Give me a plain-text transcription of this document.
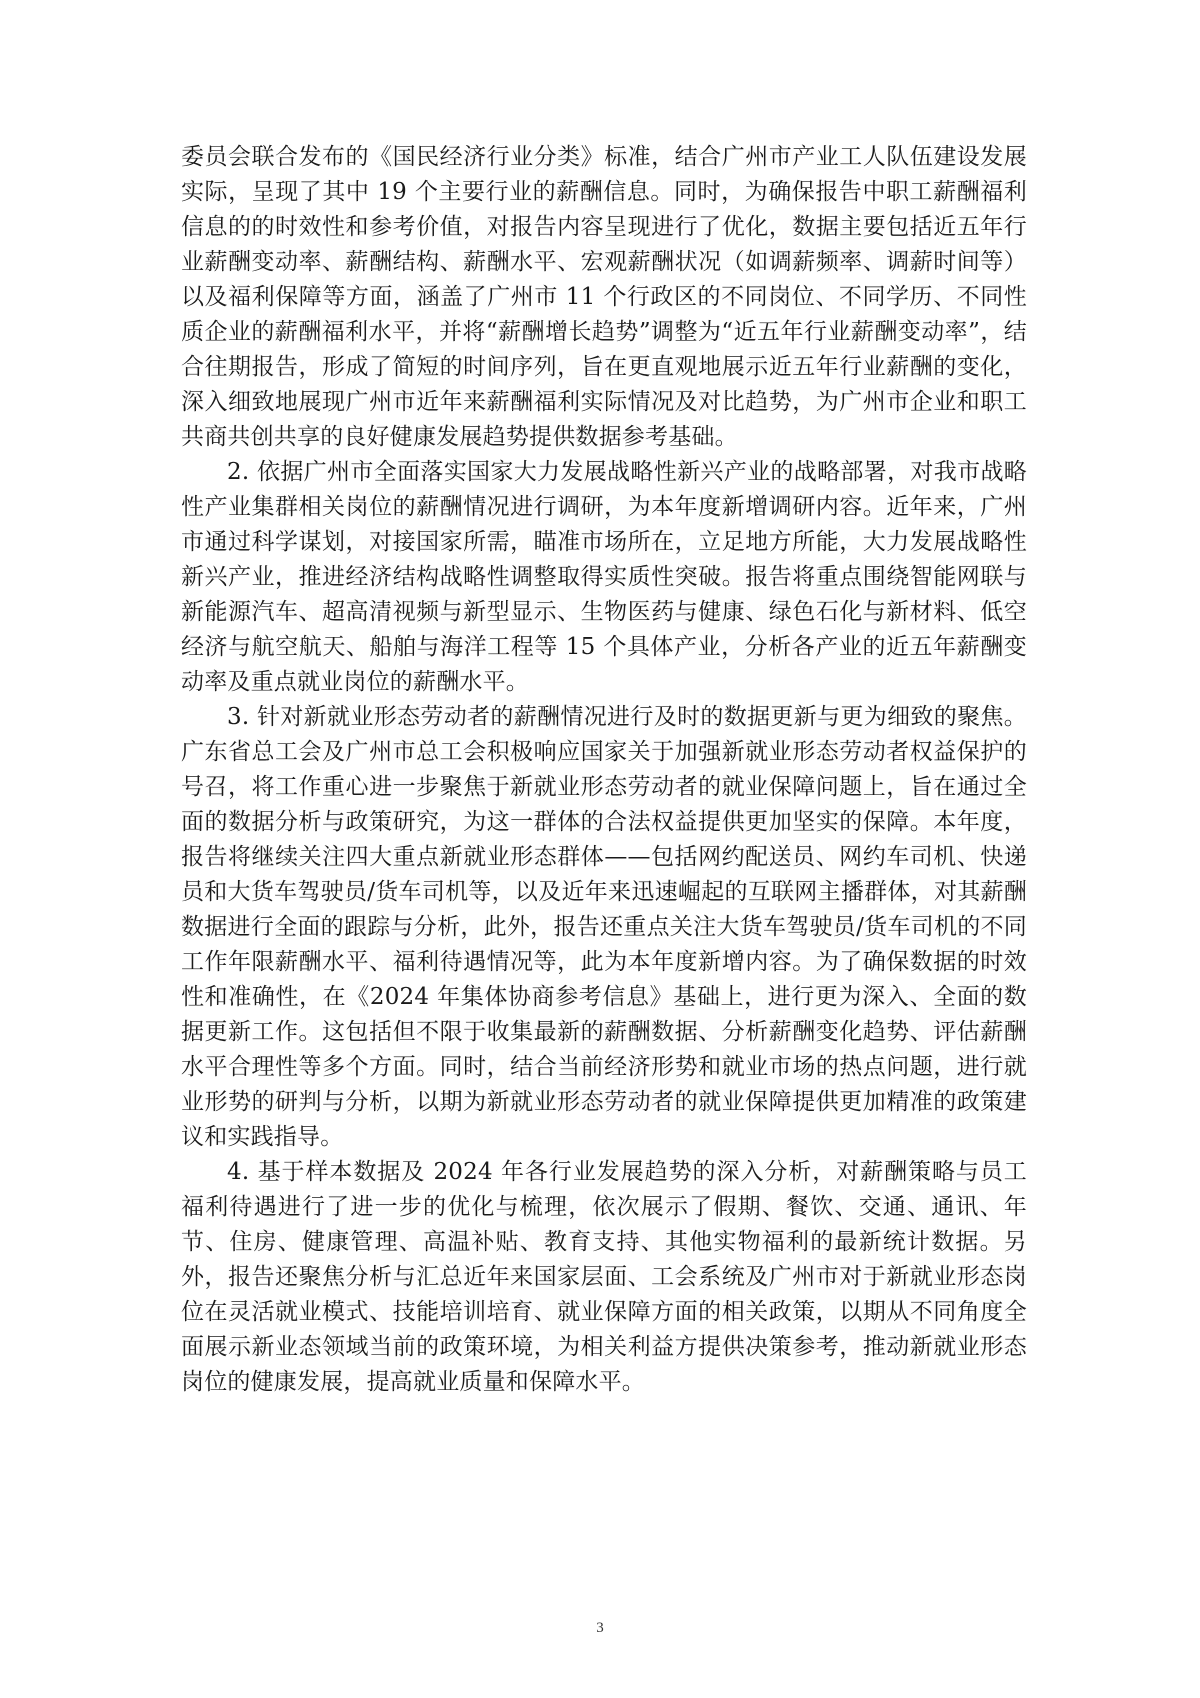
委员会联合发布的《国民经济行业分类》标准，结合广州市产业工人队伍建设发展实际，呈现了其中 19 个主要行业的薪酬信息。同时，为确保报告中职工薪酬福利信息的的时效性和参考价值，对报告内容呈现进行了优化，数据主要包括近五年行业薪酬变动率、薪酬结构、薪酬水平、宏观薪酬状况（如调薪频率、调薪时间等）以及福利保障等方面，涵盖了广州市 11 个行政区的不同岗位、不同学历、不同性质企业的薪酬福利水平，并将“薪酬增长趋势”调整为“近五年行业薪酬变动率”，结合往期报告，形成了简短的时间序列，旨在更直观地展示近五年行业薪酬的变化，深入细致地展现广州市近年来薪酬福利实际情况及对比趋势，为广州市企业和职工共商共创共享的良好健康发展趋势提供数据参考基础。

2. 依据广州市全面落实国家大力发展战略性新兴产业的战略部署，对我市战略性产业集群相关岗位的薪酬情况进行调研，为本年度新增调研内容。近年来，广州市通过科学谋划，对接国家所需，瞄准市场所在，立足地方所能，大力发展战略性新兴产业，推进经济结构战略性调整取得实质性突破。报告将重点围绕智能网联与新能源汽车、超高清视频与新型显示、生物医药与健康、绿色石化与新材料、低空经济与航空航天、船舶与海洋工程等 15 个具体产业，分析各产业的近五年薪酬变动率及重点就业岗位的薪酬水平。

3. 针对新就业形态劳动者的薪酬情况进行及时的数据更新与更为细致的聚焦。广东省总工会及广州市总工会积极响应国家关于加强新就业形态劳动者权益保护的号召，将工作重心进一步聚焦于新就业形态劳动者的就业保障问题上，旨在通过全面的数据分析与政策研究，为这一群体的合法权益提供更加坚实的保障。本年度，报告将继续关注四大重点新就业形态群体——包括网约配送员、网约车司机、快递员和大货车驾驶员/货车司机等，以及近年来迅速崛起的互联网主播群体，对其薪酬数据进行全面的跟踪与分析，此外，报告还重点关注大货车驾驶员/货车司机的不同工作年限薪酬水平、福利待遇情况等，此为本年度新增内容。为了确保数据的时效性和准确性，在《2024 年集体协商参考信息》基础上，进行更为深入、全面的数据更新工作。这包括但不限于收集最新的薪酬数据、分析薪酬变化趋势、评估薪酬水平合理性等多个方面。同时，结合当前经济形势和就业市场的热点问题，进行就业形势的研判与分析，以期为新就业形态劳动者的就业保障提供更加精准的政策建议和实践指导。

4. 基于样本数据及 2024 年各行业发展趋势的深入分析，对薪酬策略与员工福利待遇进行了进一步的优化与梳理，依次展示了假期、餐饮、交通、通讯、年节、住房、健康管理、高温补贴、教育支持、其他实物福利的最新统计数据。另外，报告还聚焦分析与汇总近年来国家层面、工会系统及广州市对于新就业形态岗位在灵活就业模式、技能培训培育、就业保障方面的相关政策，以期从不同角度全面展示新业态领域当前的政策环境，为相关利益方提供决策参考，推动新就业形态岗位的健康发展，提高就业质量和保障水平。

3
